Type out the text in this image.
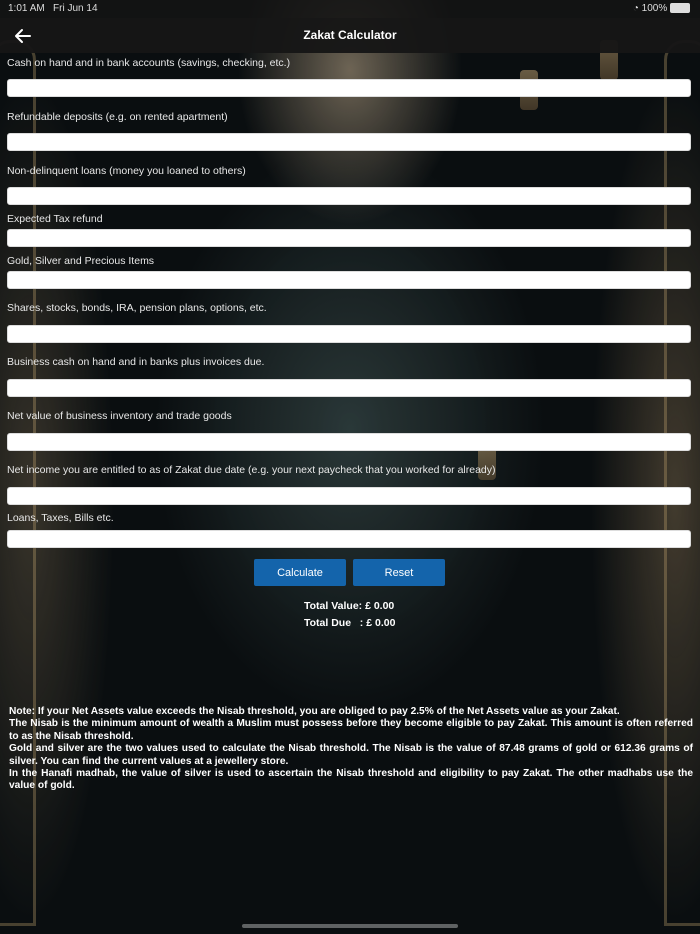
1:01 AM Fri Jun 14	◔ 100%
Zakat Calculator
Cash on hand and in bank accounts (savings, checking, etc.)
Refundable deposits (e.g. on rented apartment)
Non-delinquent loans (money you loaned to others)
Expected Tax refund
Gold, Silver and Precious Items
Shares, stocks, bonds, IRA, pension plans, options, etc.
Business cash on hand and in banks plus invoices due.
Net value of business inventory and trade goods
Net income you are entitled to as of Zakat due date (e.g. your next paycheck that you worked for already)
Loans, Taxes, Bills etc.
Calculate	Reset
Total Value: £ 0.00
Total Due   : £ 0.00

Note: If your Net Assets value exceeds the Nisab threshold, you are obliged to pay 2.5% of the Net Assets value as your Zakat.

The Nisab is the minimum amount of wealth a Muslim must possess before they become eligible to pay Zakat. This amount is often referred to as the Nisab threshold.

Gold and silver are the two values used to calculate the Nisab threshold. The Nisab is the value of 87.48 grams of gold or 612.36 grams of silver. You can find the current values at a jewellery store.

In the Hanafi madhab, the value of silver is used to ascertain the Nisab threshold and eligibility to pay Zakat. The other madhabs use the value of gold.
